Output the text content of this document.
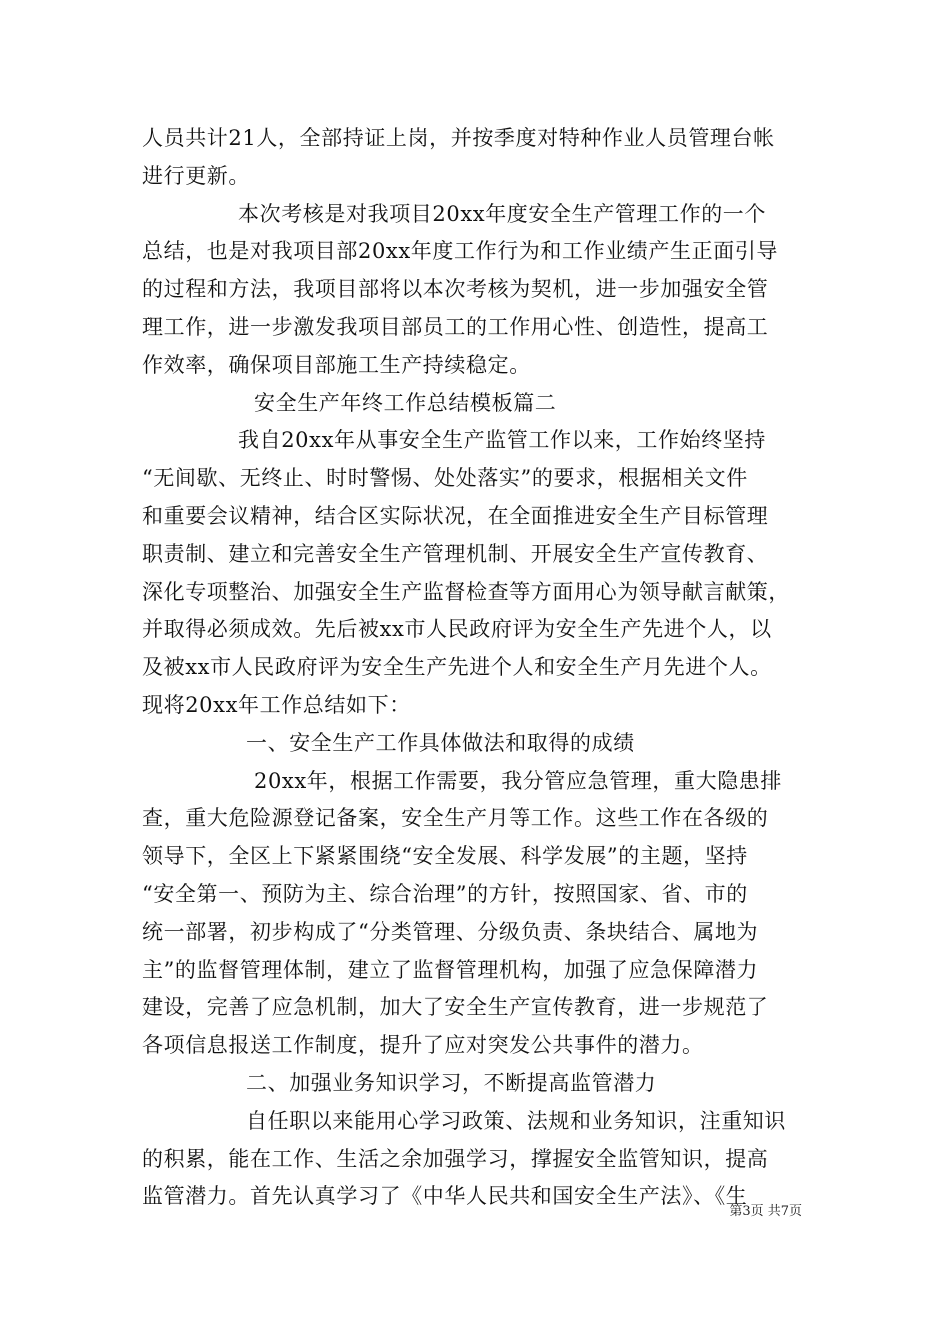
人员共计21人，全部持证上岗，并按季度对特种作业人员管理台帐
进行更新。
本次考核是对我项目20xx年度安全生产管理工作的一个
总结，也是对我项目部20xx年度工作行为和工作业绩产生正面引导
的过程和方法，我项目部将以本次考核为契机，进一步加强安全管
理工作，进一步激发我项目部员工的工作用心性、创造性，提高工
作效率，确保项目部施工生产持续稳定。
安全生产年终工作总结模板篇二
我自20xx年从事安全生产监管工作以来，工作始终坚持
“无间歇、无终止、时时警惕、处处落实”的要求，根据相关文件
和重要会议精神，结合区实际状况，在全面推进安全生产目标管理
职责制、建立和完善安全生产管理机制、开展安全生产宣传教育、
深化专项整治、加强安全生产监督检查等方面用心为领导献言献策，
并取得必须成效。先后被xx市人民政府评为安全生产先进个人，以
及被xx市人民政府评为安全生产先进个人和安全生产月先进个人。
现将20xx年工作总结如下：
一、安全生产工作具体做法和取得的成绩
20xx年，根据工作需要，我分管应急管理，重大隐患排
查，重大危险源登记备案，安全生产月等工作。这些工作在各级的
领导下，全区上下紧紧围绕“安全发展、科学发展”的主题，坚持
“安全第一、预防为主、综合治理”的方针，按照国家、省、市的
统一部署，初步构成了“分类管理、分级负责、条块结合、属地为
主”的监督管理体制，建立了监督管理机构，加强了应急保障潜力
建设，完善了应急机制，加大了安全生产宣传教育，进一步规范了
各项信息报送工作制度，提升了应对突发公共事件的潜力。
二、加强业务知识学习，不断提高监管潜力
自任职以来能用心学习政策、法规和业务知识，注重知识
的积累，能在工作、生活之余加强学习，撑握安全监管知识，提高
监管潜力。首先认真学习了《中华人民共和国安全生产法》、《生
第3页 共7页
